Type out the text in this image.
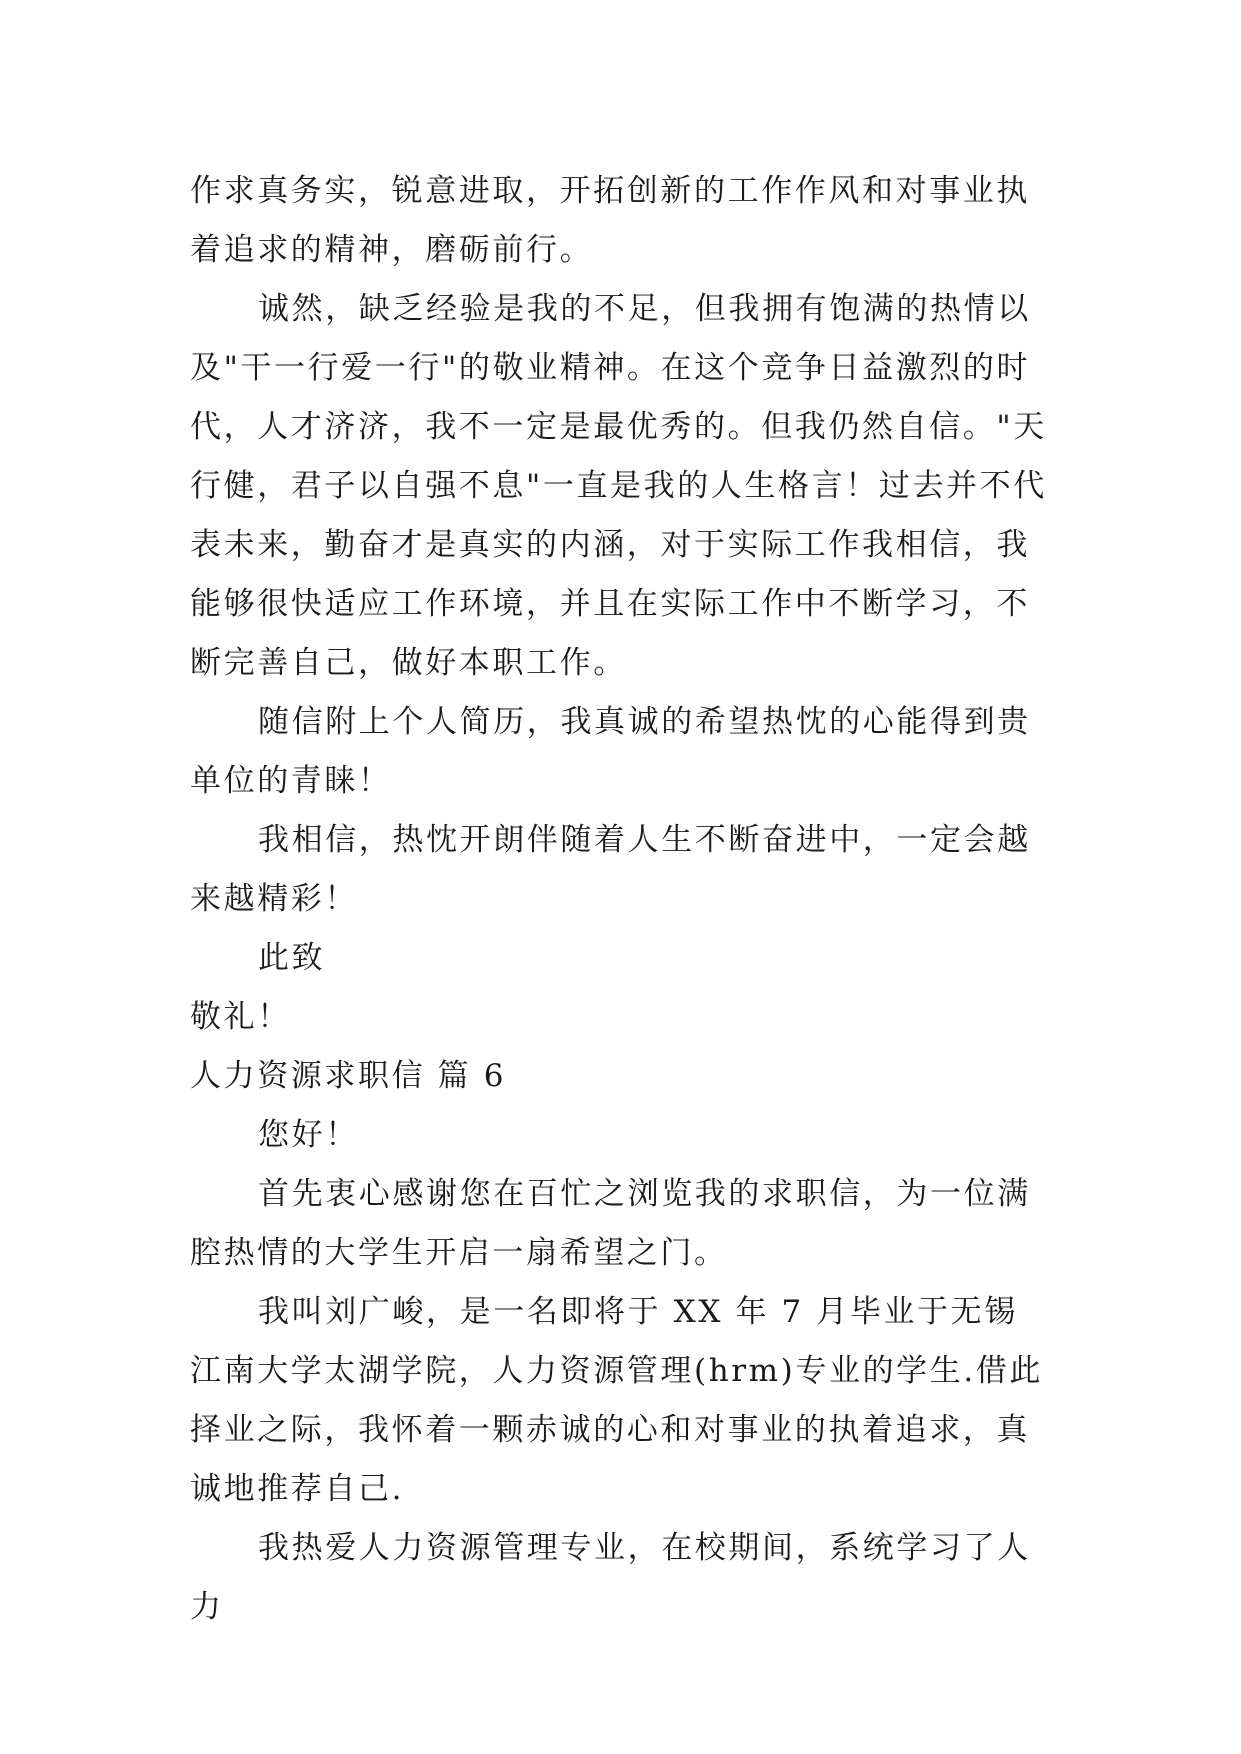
作求真务实，锐意进取，开拓创新的工作作风和对事业执着追求的精神，磨砺前行。

诚然，缺乏经验是我的不足，但我拥有饱满的热情以及"干一行爱一行"的敬业精神。在这个竞争日益激烈的时代，人才济济，我不一定是最优秀的。但我仍然自信。"天行健，君子以自强不息"一直是我的人生格言！过去并不代表未来，勤奋才是真实的内涵，对于实际工作我相信，我能够很快适应工作环境，并且在实际工作中不断学习，不断完善自己，做好本职工作。

随信附上个人简历，我真诚的希望热忱的心能得到贵单位的青睐！

我相信，热忱开朗伴随着人生不断奋进中，一定会越来越精彩！

此致

敬礼！

人力资源求职信 篇 6

您好！

首先衷心感谢您在百忙之浏览我的求职信，为一位满腔热情的大学生开启一扇希望之门。

我叫刘广峻，是一名即将于 XX 年 7 月毕业于无锡江南大学太湖学院，人力资源管理(hrm)专业的学生.借此择业之际，我怀着一颗赤诚的心和对事业的执着追求，真诚地推荐自己.

我热爱人力资源管理专业，在校期间，系统学习了人力
